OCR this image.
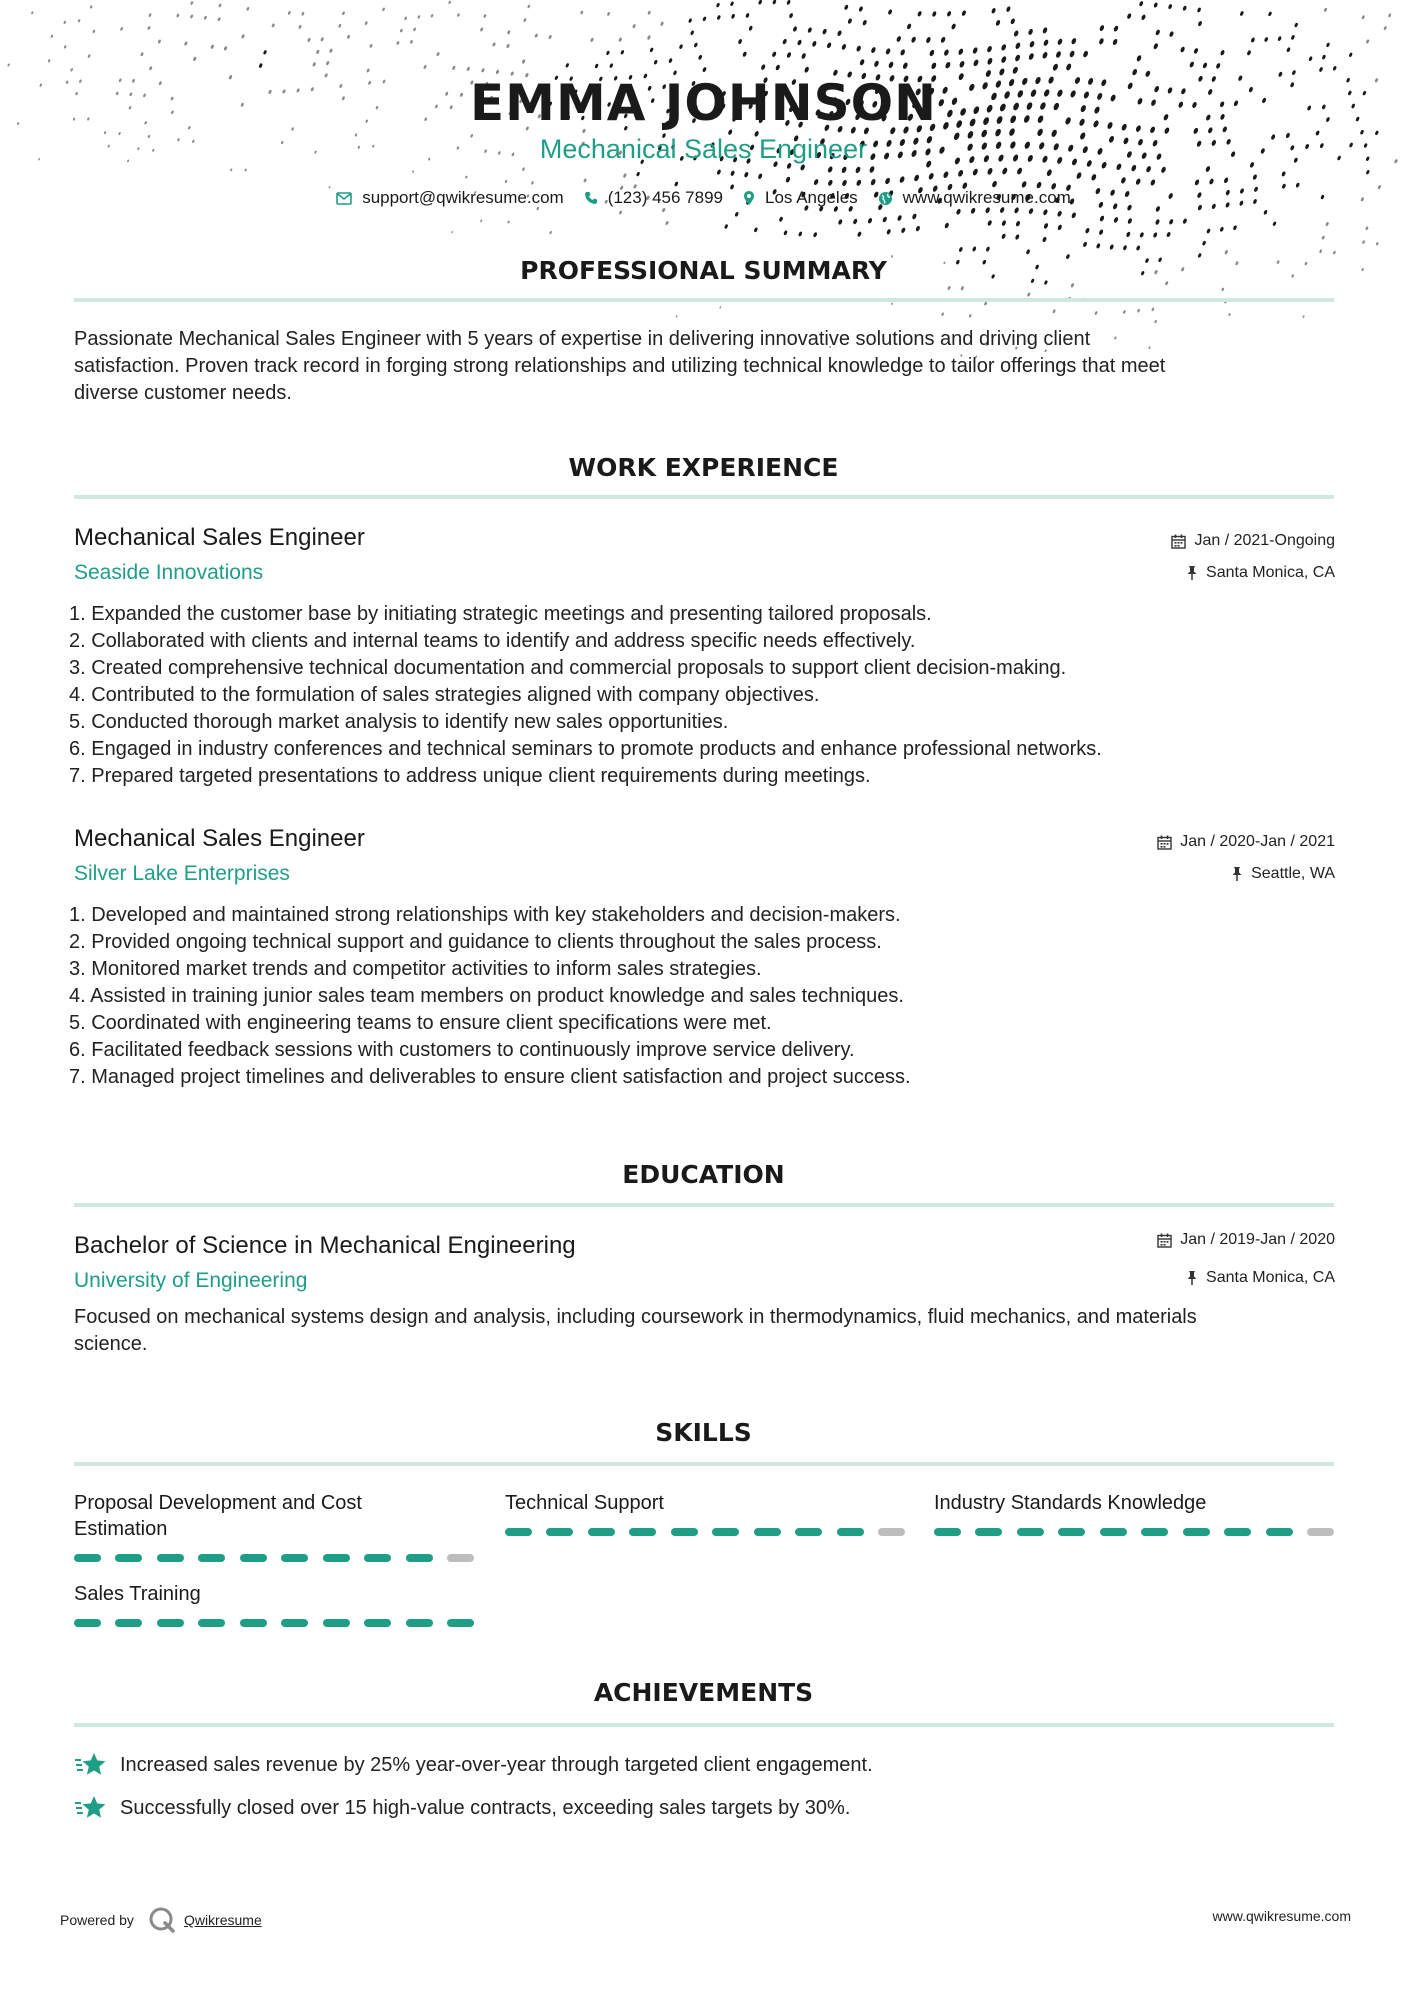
EMMA JOHNSON
Mechanical Sales Engineer
support@qwikresume.com	(123) 456 7899 Los Angeles	www.qwikresume.com
PROFESSIONAL SUMMARY
Passionate Mechanical Sales Engineer with 5 years of expertise in delivering innovative solutions and driving client
satisfaction. Proven track record in forging strong relationships and utilizing technical knowledge to tailor offerings that meet
diverse customer needs.
WORK EXPERIENCE
Mechanical Sales Engineer	Jan / 2021-Ongoing
Seaside Innovations	Santa Monica, CA
1. Expanded the customer base by initiating strategic meetings and presenting tailored proposals.
2. Collaborated with clients and internal teams to identify and address specific needs effectively.
3. Created comprehensive technical documentation and commercial proposals to support client decision-making.
4. Contributed to the formulation of sales strategies aligned with company objectives.
5. Conducted thorough market analysis to identify new sales opportunities.
6. Engaged in industry conferences and technical seminars to promote products and enhance professional networks.
7. Prepared targeted presentations to address unique client requirements during meetings.
Mechanical Sales Engineer	Jan / 2020-Jan / 2021
Silver Lake Enterprises	Seattle, WA
1. Developed and maintained strong relationships with key stakeholders and decision-makers.
2. Provided ongoing technical support and guidance to clients throughout the sales process.
3. Monitored market trends and competitor activities to inform sales strategies.
4. Assisted in training junior sales team members on product knowledge and sales techniques.
5. Coordinated with engineering teams to ensure client specifications were met.
6. Facilitated feedback sessions with customers to continuously improve service delivery.
7. Managed project timelines and deliverables to ensure client satisfaction and project success.
EDUCATION
Bachelor of Science in Mechanical Engineering	Jan / 2019-Jan / 2020
University of Engineering	Santa Monica, CA
Focused on mechanical systems design and analysis, including coursework in thermodynamics, fluid mechanics, and materials
science.
SKILLS
Proposal Development and Cost
Estimation
Technical Support	Industry Standards Knowledge
Sales Training
ACHIEVEMENTS
Increased sales revenue by 25% year-over-year through targeted client engagement.
Successfully closed over 15 high-value contracts, exceeding sales targets by 30%.
Powered by	Qwikresume	www.qwikresume.com
